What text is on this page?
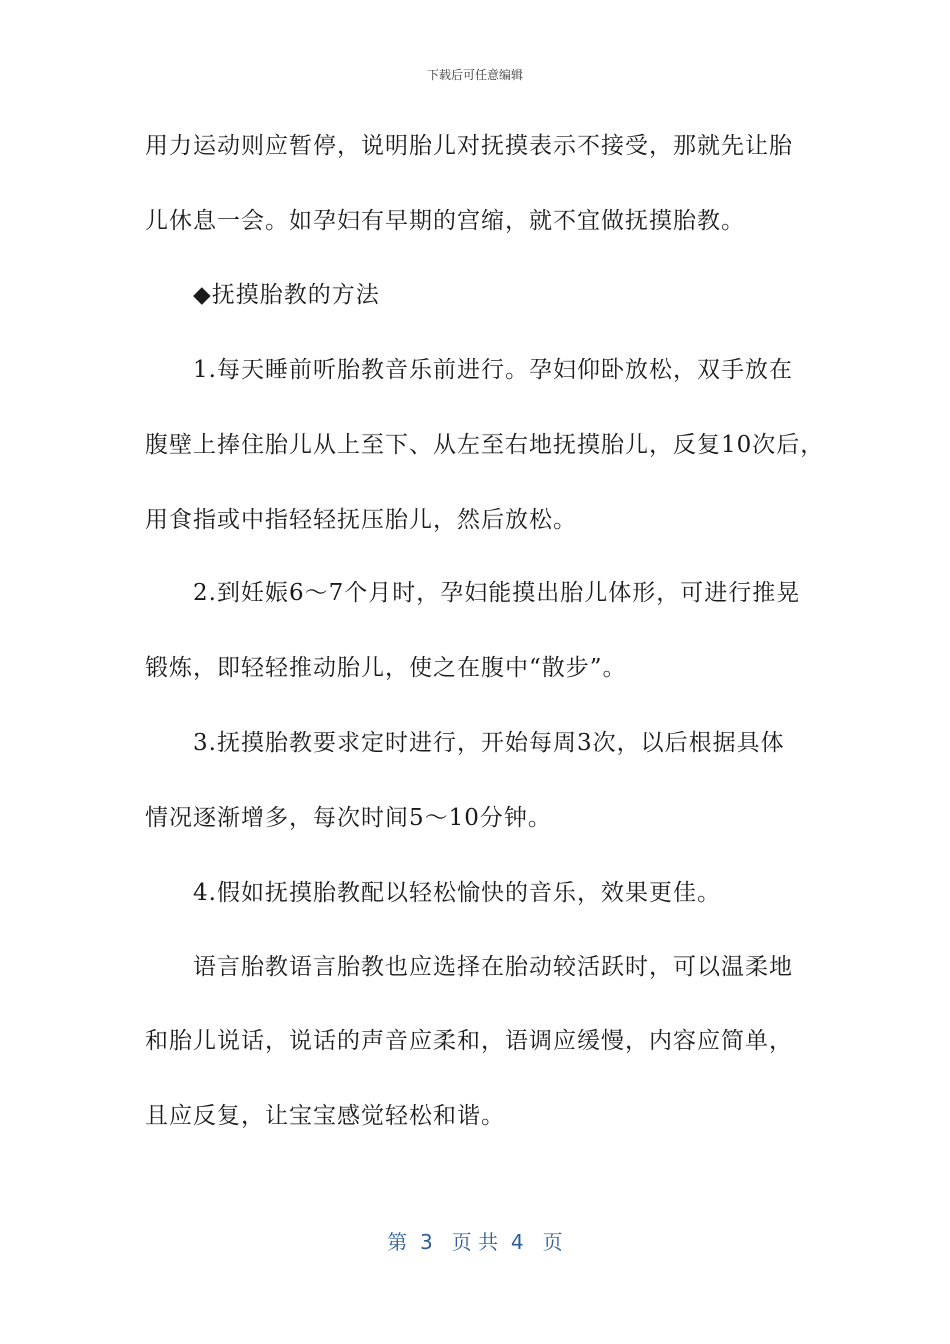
下载后可任意编辑
用力运动则应暂停，说明胎儿对抚摸表示不接受，那就先让胎
儿休息一会。如孕妇有早期的宫缩，就不宜做抚摸胎教。
◆抚摸胎教的方法
1.每天睡前听胎教音乐前进行。孕妇仰卧放松，双手放在
腹壁上捧住胎儿从上至下、从左至右地抚摸胎儿，反复10次后，
用食指或中指轻轻抚压胎儿，然后放松。
2.到妊娠6～7个月时，孕妇能摸出胎儿体形，可进行推晃
锻炼，即轻轻推动胎儿，使之在腹中“散步”。
3.抚摸胎教要求定时进行，开始每周3次，以后根据具体
情况逐渐增多，每次时间5～10分钟。
4.假如抚摸胎教配以轻松愉快的音乐，效果更佳。
语言胎教语言胎教也应选择在胎动较活跃时，可以温柔地
和胎儿说话，说话的声音应柔和，语调应缓慢，内容应简单，
且应反复，让宝宝感觉轻松和谐。
第  3   页 共  4   页
